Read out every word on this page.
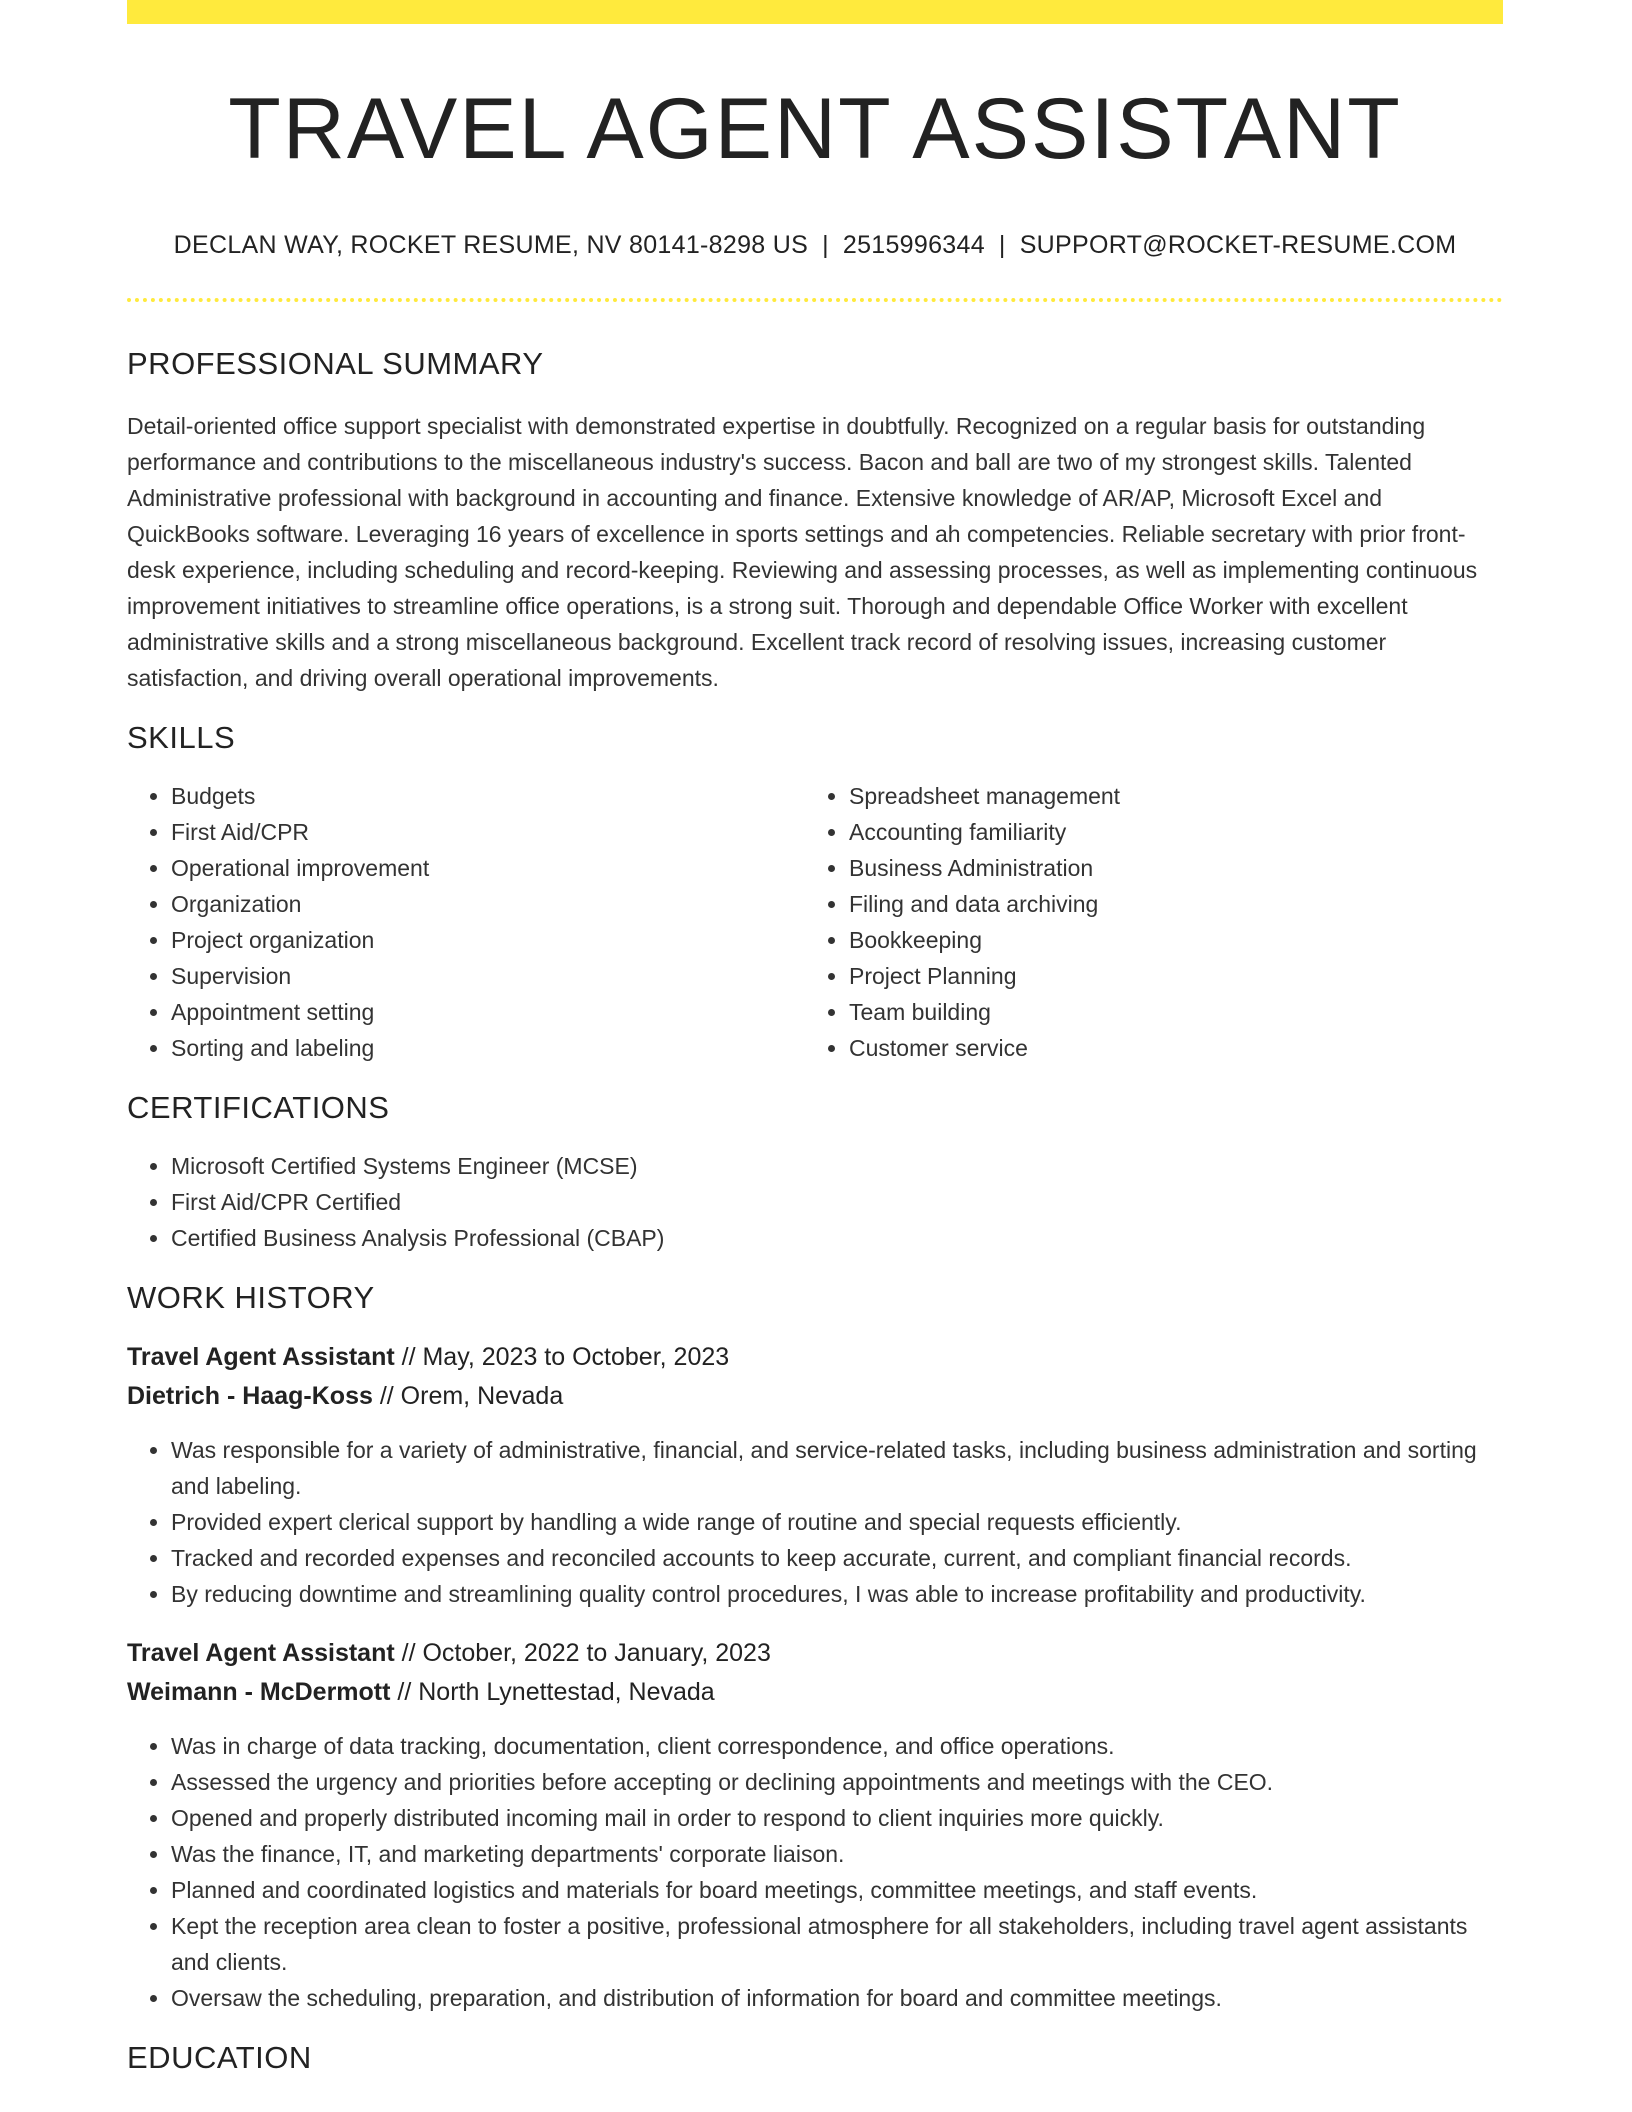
TRAVEL AGENT ASSISTANT
DECLAN WAY, ROCKET RESUME, NV 80141-8298 US | 2515996344 | SUPPORT@ROCKET-RESUME.COM
PROFESSIONAL SUMMARY
Detail-oriented office support specialist with demonstrated expertise in doubtfully. Recognized on a regular basis for outstanding performance and contributions to the miscellaneous industry's success. Bacon and ball are two of my strongest skills. Talented Administrative professional with background in accounting and finance. Extensive knowledge of AR/AP, Microsoft Excel and QuickBooks software. Leveraging 16 years of excellence in sports settings and ah competencies. Reliable secretary with prior front-desk experience, including scheduling and record-keeping. Reviewing and assessing processes, as well as implementing continuous improvement initiatives to streamline office operations, is a strong suit. Thorough and dependable Office Worker with excellent administrative skills and a strong miscellaneous background. Excellent track record of resolving issues, increasing customer satisfaction, and driving overall operational improvements.
SKILLS
• Budgets
• First Aid/CPR
• Operational improvement
• Organization
• Project organization
• Supervision
• Appointment setting
• Sorting and labeling
• Spreadsheet management
• Accounting familiarity
• Business Administration
• Filing and data archiving
• Bookkeeping
• Project Planning
• Team building
• Customer service
CERTIFICATIONS
• Microsoft Certified Systems Engineer (MCSE)
• First Aid/CPR Certified
• Certified Business Analysis Professional (CBAP)
WORK HISTORY
Travel Agent Assistant // May, 2023 to October, 2023
Dietrich - Haag-Koss // Orem, Nevada
• Was responsible for a variety of administrative, financial, and service-related tasks, including business administration and sorting and labeling.
• Provided expert clerical support by handling a wide range of routine and special requests efficiently.
• Tracked and recorded expenses and reconciled accounts to keep accurate, current, and compliant financial records.
• By reducing downtime and streamlining quality control procedures, I was able to increase profitability and productivity.
Travel Agent Assistant // October, 2022 to January, 2023
Weimann - McDermott // North Lynettestad, Nevada
• Was in charge of data tracking, documentation, client correspondence, and office operations.
• Assessed the urgency and priorities before accepting or declining appointments and meetings with the CEO.
• Opened and properly distributed incoming mail in order to respond to client inquiries more quickly.
• Was the finance, IT, and marketing departments' corporate liaison.
• Planned and coordinated logistics and materials for board meetings, committee meetings, and staff events.
• Kept the reception area clean to foster a positive, professional atmosphere for all stakeholders, including travel agent assistants and clients.
• Oversaw the scheduling, preparation, and distribution of information for board and committee meetings.
EDUCATION
